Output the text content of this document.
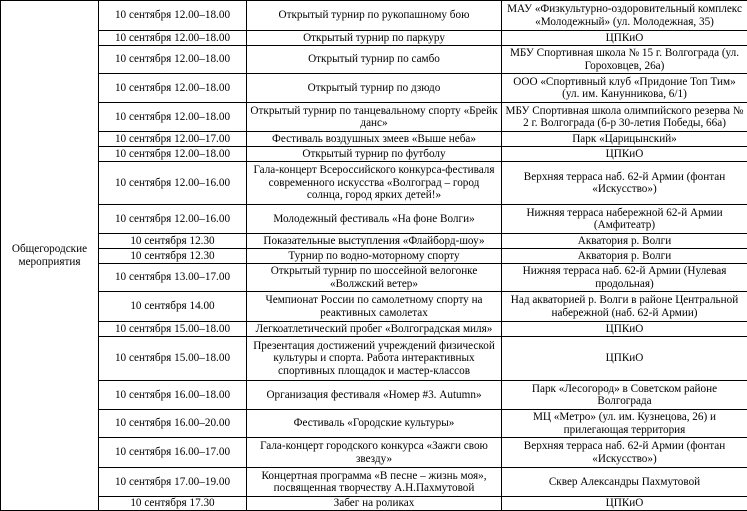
Общегородские мероприятия	10 сентября 12.00–18.00	Открытый турнир по рукопашному бою	МАУ «Физкультурно-оздоровительный комплекс «Молодежный» (ул. Молодежная, 35)
	10 сентября 12.00–18.00	Открытый турнир по паркуру	ЦПКиО
	10 сентября 12.00–18.00	Открытый турнир по самбо	МБУ Спортивная школа № 15 г. Волгограда (ул. Гороховцев, 26а)
	10 сентября 12.00–18.00	Открытый турнир по дзюдо	ООО «Спортивный клуб «Придоние Топ Тим» (ул. им. Канунникова, 6/1)
	10 сентября 12.00–18.00	Открытый турнир по танцевальному спорту «Брейк данс»	МБУ Спортивная школа олимпийского резерва № 2 г. Волгограда (б-р 30-летия Победы, 66а)
	10 сентября 12.00–17.00	Фестиваль воздушных змеев «Выше неба»	Парк «Царицынский»
	10 сентября 12.00–18.00	Открытый турнир по футболу	ЦПКиО
	10 сентября 12.00–16.00	Гала-концерт Всероссийского конкурса-фестиваля современного искусства «Волгоград – город солнца, город ярких детей!»	Верхняя терраса наб. 62-й Армии (фонтан «Искусство»)
	10 сентября 12.00–16.00	Молодежный фестиваль «На фоне Волги»	Нижняя терраса набережной 62-й Армии (Амфитеатр)
	10 сентября 12.30	Показательные выступления «Флайборд-шоу»	Акватория р. Волги
	10 сентября 12.30	Турнир по водно-моторному спорту	Акватория р. Волги
	10 сентября 13.00–17.00	Открытый турнир по шоссейной велогонке «Волжский ветер»	Нижняя терраса наб. 62-й Армии (Нулевая продольная)
	10 сентября 14.00	Чемпионат России по самолетному спорту на реактивных самолетах	Над акваторией р. Волги в районе Центральной набережной (наб. 62-й Армии)
	10 сентября 15.00–18.00	Легкоатлетический пробег «Волгоградская миля»	ЦПКиО
	10 сентября 15.00–18.00	Презентация достижений учреждений физической культуры и спорта. Работа интерактивных спортивных площадок и мастер-классов	ЦПКиО
	10 сентября 16.00–18.00	Организация фестиваля «Номер #3. Autumn»	Парк «Лесогород» в Советском районе Волгограда
	10 сентября 16.00–20.00	Фестиваль «Городские культуры»	МЦ «Метро» (ул. им. Кузнецова, 26) и прилегающая территория
	10 сентября 16.00–17.00	Гала-концерт городского конкурса «Зажги свою звезду»	Верхняя терраса наб. 62-й Армии (фонтан «Искусство»)
	10 сентября 17.00–19.00	Концертная программа «В песне – жизнь моя», посвященная творчеству А.Н.Пахмутовой	Сквер Александры Пахмутовой
	10 сентября 17.30	Забег на роликах	ЦПКиО
